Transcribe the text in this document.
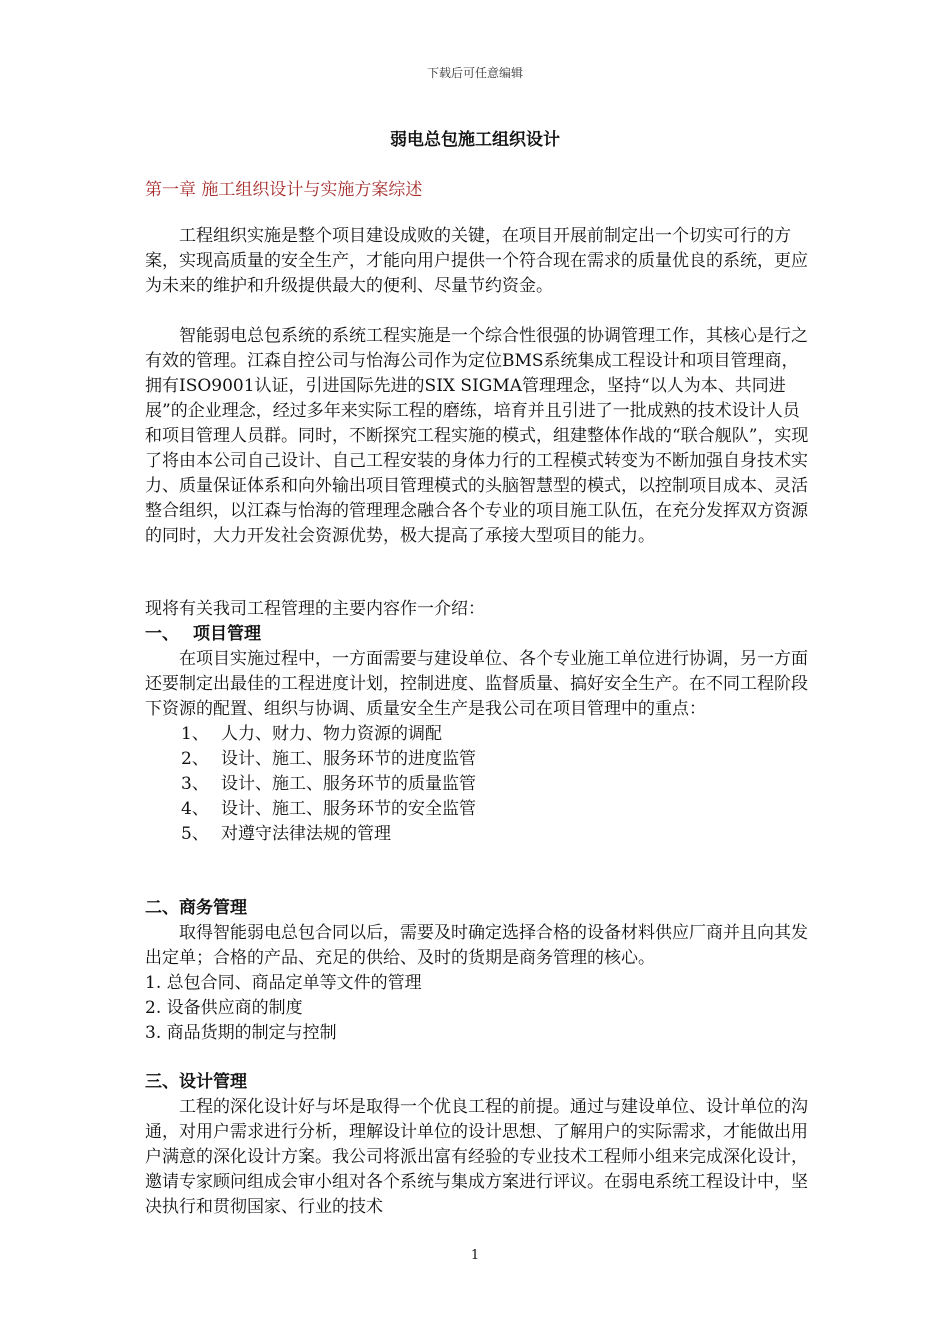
下载后可任意编辑
弱电总包施工组织设计
第一章 施工组织设计与实施方案综述

工程组织实施是整个项目建设成败的关键，在项目开展前制定出一个切实可行的方案，实现高质量的安全生产，才能向用户提供一个符合现在需求的质量优良的系统，更应为未来的维护和升级提供最大的便利、尽量节约资金。

智能弱电总包系统的系统工程实施是一个综合性很强的协调管理工作，其核心是行之有效的管理。江森自控公司与怡海公司作为定位BMS系统集成工程设计和项目管理商，拥有ISO9001认证，引进国际先进的SIX SIGMA管理理念，坚持“以人为本、共同进展”的企业理念，经过多年来实际工程的磨练，培育并且引进了一批成熟的技术设计人员和项目管理人员群。同时，不断探究工程实施的模式，组建整体作战的“联合舰队”，实现了将由本公司自己设计、自己工程安装的身体力行的工程模式转变为不断加强自身技术实力、质量保证体系和向外输出项目管理模式的头脑智慧型的模式，以控制项目成本、灵活整合组织，以江森与怡海的管理理念融合各个专业的项目施工队伍，在充分发挥双方资源的同时，大力开发社会资源优势，极大提高了承接大型项目的能力。

现将有关我司工程管理的主要内容作一介绍：

一、 项目管理

在项目实施过程中，一方面需要与建设单位、各个专业施工单位进行协调，另一方面还要制定出最佳的工程进度计划，控制进度、监督质量、搞好安全生产。在不同工程阶段下资源的配置、组织与协调、质量安全生产是我公司在项目管理中的重点：

1、 人力、财力、物力资源的调配

2、 设计、施工、服务环节的进度监管

3、 设计、施工、服务环节的质量监管

4、 设计、施工、服务环节的安全监管

5、 对遵守法律法规的管理

二、商务管理

取得智能弱电总包合同以后，需要及时确定选择合格的设备材料供应厂商并且向其发出定单；合格的产品、充足的供给、及时的货期是商务管理的核心。

1. 总包合同、商品定单等文件的管理

2. 设备供应商的制度

3. 商品货期的制定与控制

三、设计管理

工程的深化设计好与坏是取得一个优良工程的前提。通过与建设单位、设计单位的沟通，对用户需求进行分析，理解设计单位的设计思想、了解用户的实际需求，才能做出用户满意的深化设计方案。我公司将派出富有经验的专业技术工程师小组来完成深化设计，邀请专家顾问组成会审小组对各个系统与集成方案进行评议。在弱电系统工程设计中，坚决执行和贯彻国家、行业的技术

1
